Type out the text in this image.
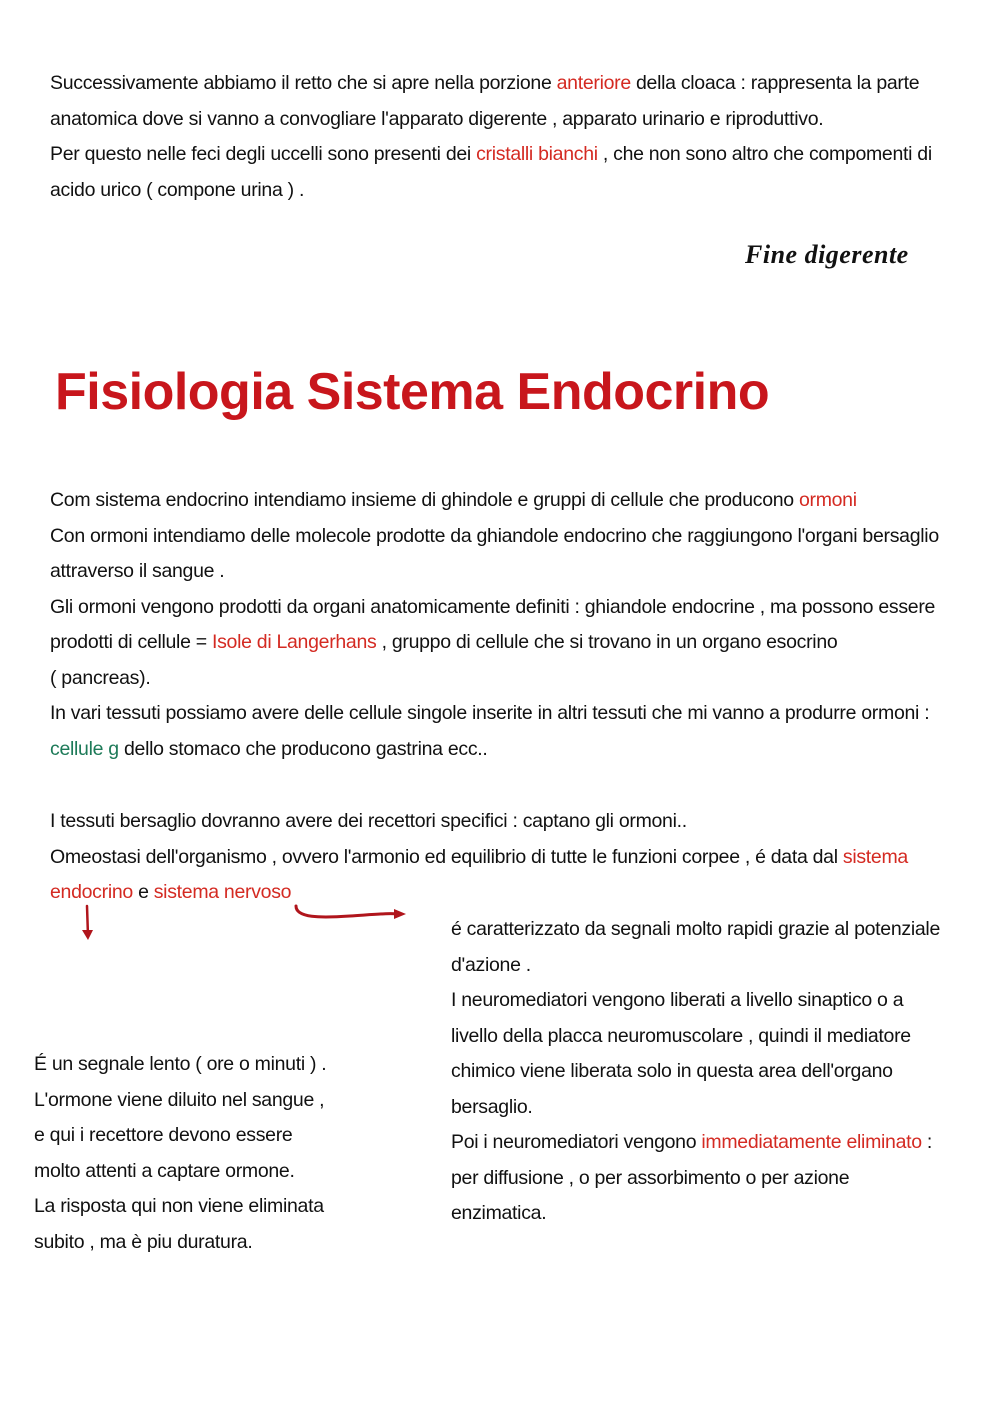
Successivamente abbiamo il retto che si apre nella porzione anteriore della cloaca : rappresenta la parte anatomica dove si vanno a convogliare l'apparato digerente , apparato urinario e riproduttivo.
Per questo nelle feci degli uccelli sono presenti dei cristalli bianchi , che non sono altro che compomenti di acido urico ( compone urina ) .

Fine digerente
Fisiologia Sistema Endocrino

Com sistema endocrino intendiamo insieme di ghindole e gruppi di cellule che producono ormoni
Con ormoni intendiamo delle molecole prodotte da ghiandole endocrino che raggiungono l'organi bersaglio attraverso il sangue .
Gli ormoni vengono prodotti da organi anatomicamente definiti : ghiandole endocrine , ma possono essere prodotti di cellule = Isole di Langerhans , gruppo di cellule che si trovano in un organo esocrino
( pancreas).
In vari tessuti possiamo avere delle cellule singole inserite in altri tessuti che mi vanno a produrre ormoni :
cellule g dello stomaco che producono gastrina ecc..

I tessuti bersaglio dovranno avere dei recettori specifici : captano gli ormoni..
Omeostasi dell'organismo , ovvero l'armonio ed equilibrio di tutte le funzioni corpee , é data dal sistema endocrino e sistema nervoso

é caratterizzato da segnali molto rapidi grazie al potenziale d'azione .
I neuromediatori vengono liberati a livello sinaptico o a livello della placca neuromuscolare , quindi il mediatore chimico viene liberata solo in questa area dell'organo bersaglio.
Poi i neuromediatori vengono immediatamente eliminato : per diffusione , o per assorbimento o per azione enzimatica.

É un segnale lento ( ore o minuti ) .
L'ormone viene diluito nel sangue , e qui i recettore devono essere molto attenti a captare ormone.
La risposta qui non viene eliminata subito , ma è piu duratura.
